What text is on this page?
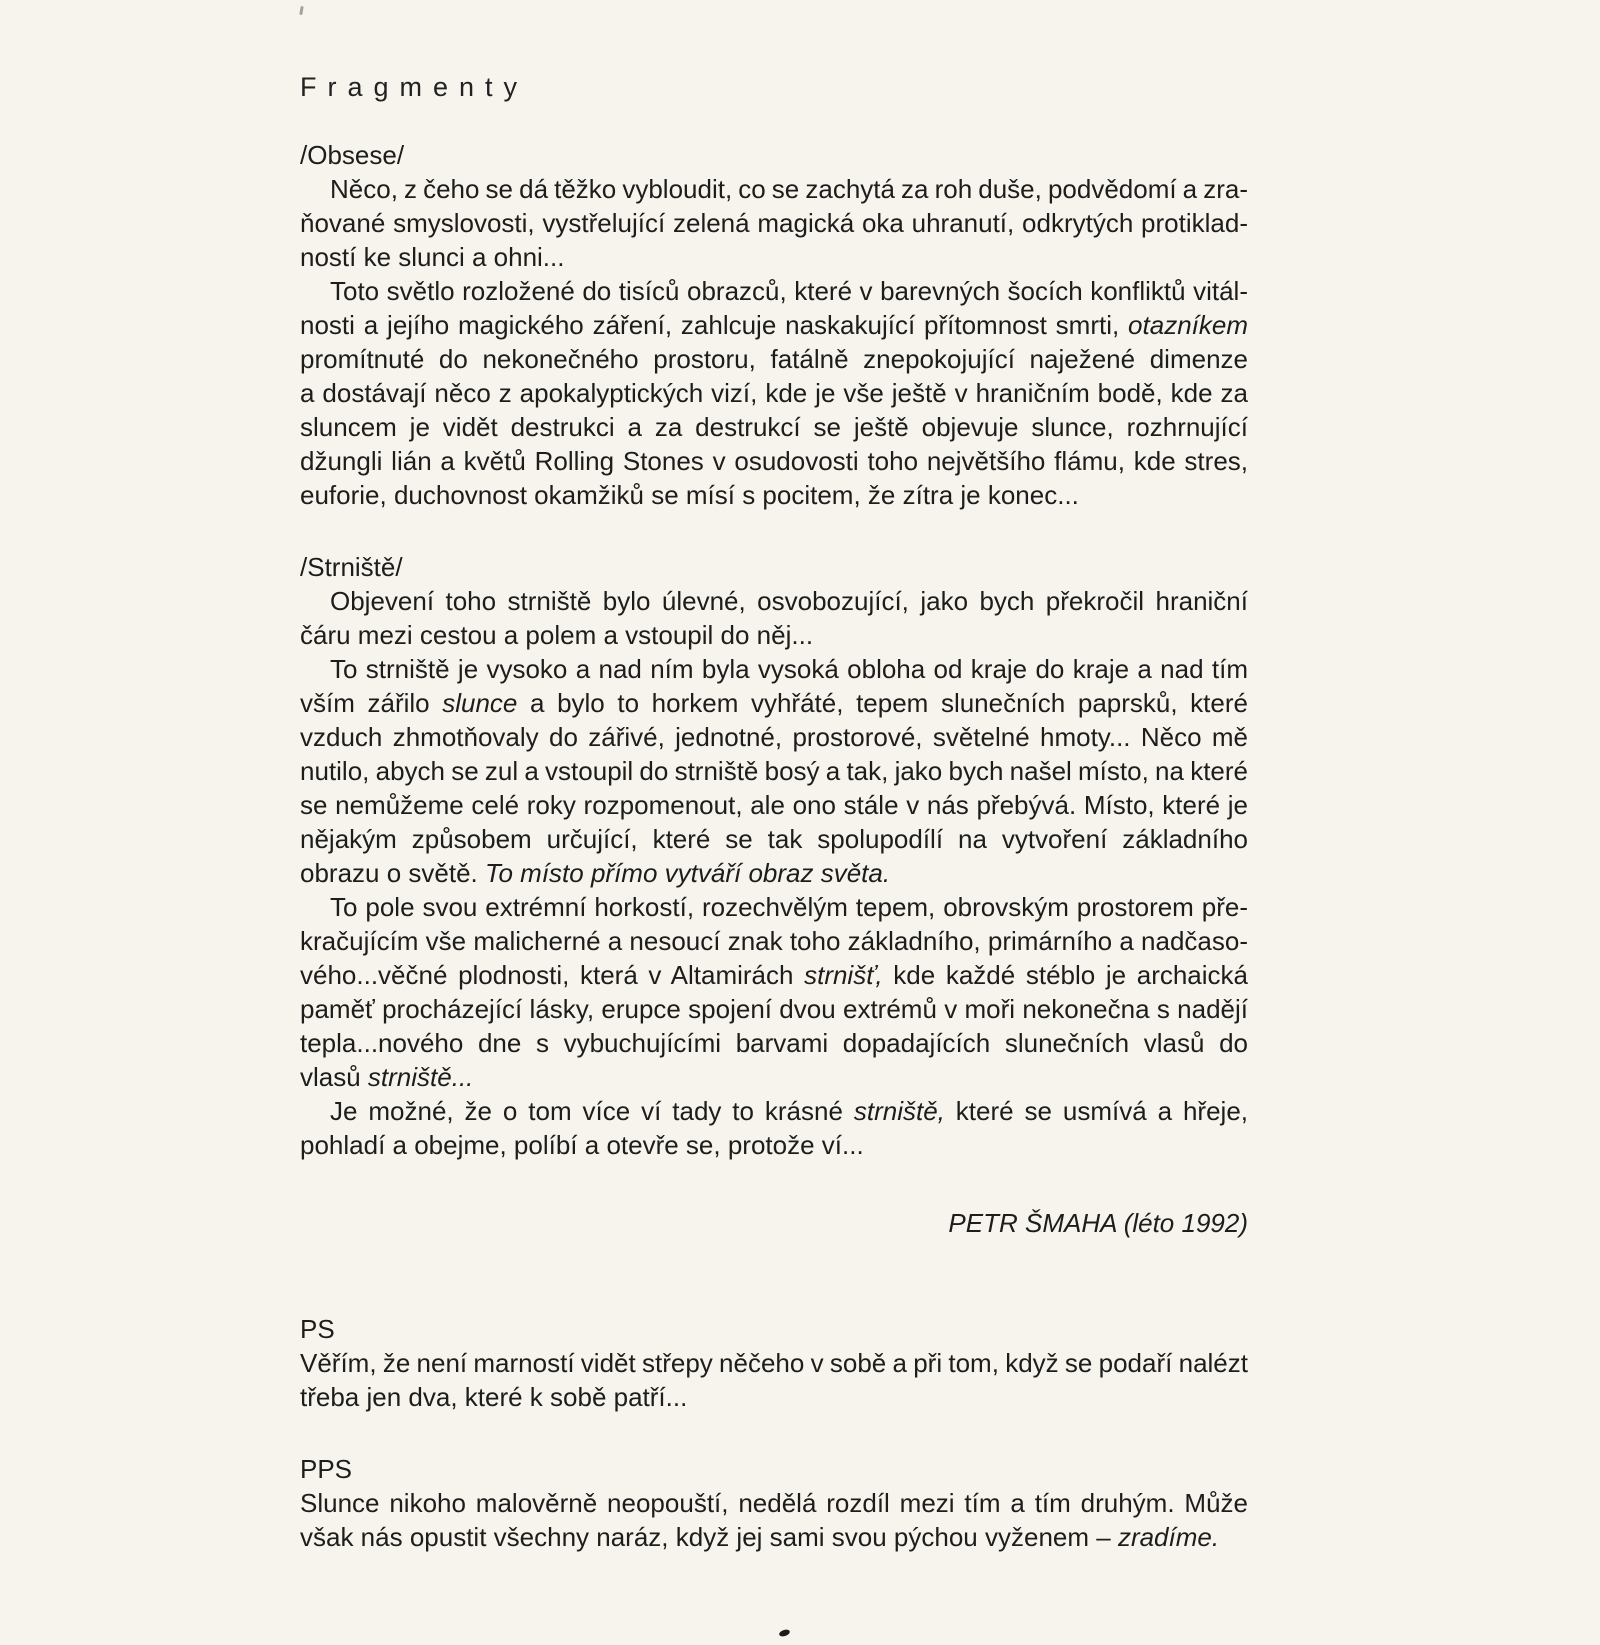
Fragmenty
/Obsese/
Něco, z čeho se dá těžko vybloudit, co se zachytá za roh duše, podvědomí a zra-
ňované smyslovosti, vystřelující zelená magická oka uhranutí, odkrytých protiklad-
ností ke slunci a ohni...
Toto světlo rozložené do tisíců obrazců, které v barevných šocích konfliktů vitál-
nosti a jejího magického záření, zahlcuje naskakující přítomnost smrti, otazníkem
promítnuté do nekonečného prostoru, fatálně znepokojující naježené dimenze
a dostávají něco z apokalyptických vizí, kde je vše ještě v hraničním bodě, kde za
sluncem je vidět destrukci a za destrukcí se ještě objevuje slunce, rozhrnující
džungli lián a květů Rolling Stones v osudovosti toho největšího flámu, kde stres,
euforie, duchovnost okamžiků se mísí s pocitem, že zítra je konec...
/Strniště/
Objevení toho strniště bylo úlevné, osvobozující, jako bych překročil hraniční
čáru mezi cestou a polem a vstoupil do něj...
To strniště je vysoko a nad ním byla vysoká obloha od kraje do kraje a nad tím
vším zářilo slunce a bylo to horkem vyhřáté, tepem slunečních paprsků, které
vzduch zhmotňovaly do zářivé, jednotné, prostorové, světelné hmoty... Něco mě
nutilo, abych se zul a vstoupil do strniště bosý a tak, jako bych našel místo, na které
se nemůžeme celé roky rozpomenout, ale ono stále v nás přebývá. Místo, které je
nějakým způsobem určující, které se tak spolupodílí na vytvoření základního
obrazu o světě. To místo přímo vytváří obraz světa.
To pole svou extrémní horkostí, rozechvělým tepem, obrovským prostorem pře-
kračujícím vše malicherné a nesoucí znak toho základního, primárního a nadčaso-
vého...věčné plodnosti, která v Altamirách strnišť, kde každé stéblo je archaická
paměť procházející lásky, erupce spojení dvou extrémů v moři nekonečna s nadějí
tepla...nového dne s vybuchujícími barvami dopadajících slunečních vlasů do
vlasů strniště...
Je možné, že o tom více ví tady to krásné strniště, které se usmívá a hřeje,
pohladí a obejme, políbí a otevře se, protože ví...
PETR ŠMAHA (léto 1992)
PS
Věřím, že není marností vidět střepy něčeho v sobě a při tom, když se podaří nalézt
třeba jen dva, které k sobě patří...
PPS
Slunce nikoho malověrně neopouští, nedělá rozdíl mezi tím a tím druhým. Může
však nás opustit všechny naráz, když jej sami svou pýchou vyženem – zradíme.
